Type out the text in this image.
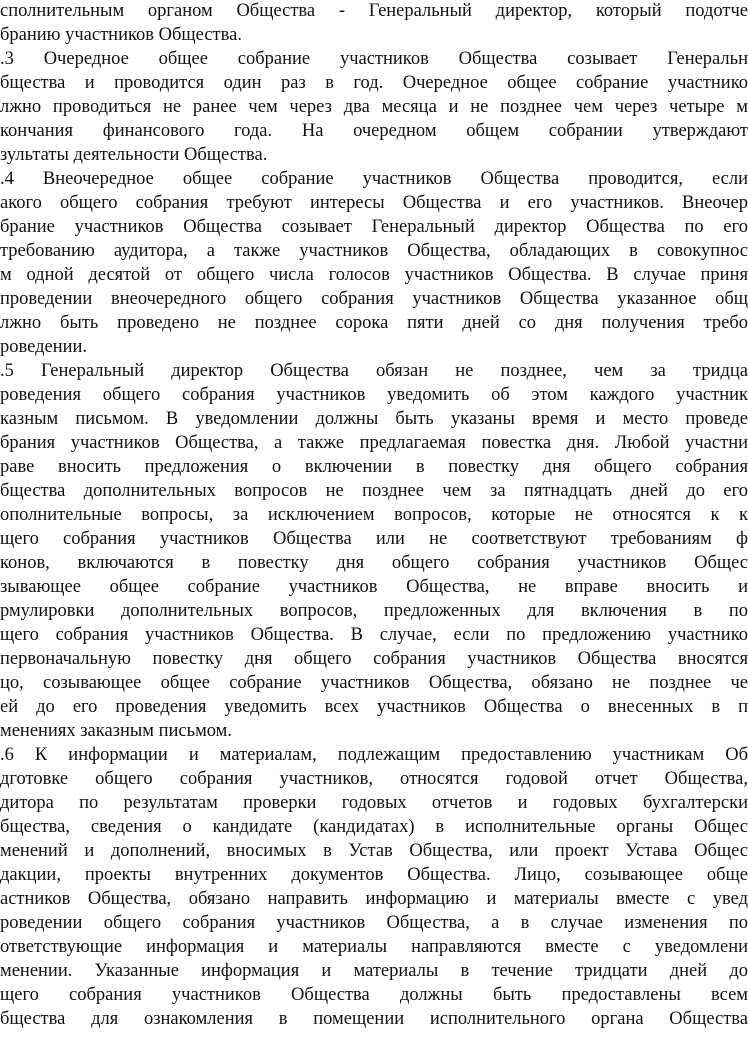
сполнительным органом Общества - Генеральный директор, который подотче
бранию участников Общества.
.3 Очередное общее собрание участников Общества созывает Генеральн
бщества и проводится один раз в год. Очередное общее собрание участнико
лжно проводиться не ранее чем через два месяца и не позднее чем через четыре м
кончания финансового года. На очередном общем собрании утверждают
зультаты деятельности Общества.
.4 Внеочередное общее собрание участников Общества проводится, если
акого общего собрания требуют интересы Общества и его участников. Внеочер
брание участников Общества созывает Генеральный директор Общества по его
требованию аудитора, а также участников Общества, обладающих в совокупнос
м одной десятой от общего числа голосов участников Общества. В случае приня
проведении внеочередного общего собрания участников Общества указанное общ
лжно быть проведено не позднее сорока пяти дней со дня получения требо
роведении.
.5 Генеральный директор Общества обязан не позднее, чем за тридца
роведения общего собрания участников уведомить об этом каждого участник
казным письмом. В уведомлении должны быть указаны время и место проведе
брания участников Общества, а также предлагаемая повестка дня. Любой участни
раве вносить предложения о включении в повестку дня общего собрания
бщества дополнительных вопросов не позднее чем за пятнадцать дней до его
ополнительные вопросы, за исключением вопросов, которые не относятся к к
щего собрания участников Общества или не соответствуют требованиям ф
конов, включаются в повестку дня общего собрания участников Общес
зывающее общее собрание участников Общества, не вправе вносить и
рмулировки дополнительных вопросов, предложенных для включения в по
щего собрания участников Общества. В случае, если по предложению участнико
первоначальную повестку дня общего собрания участников Общества вносятся
цо, созывающее общее собрание участников Общества, обязано не позднее че
ей до его проведения уведомить всех участников Общества о внесенных в п
менениях заказным письмом.
.6 К информации и материалам, подлежащим предоставлению участникам Об
дготовке общего собрания участников, относятся годовой отчет Общества,
дитора по результатам проверки годовых отчетов и годовых бухгалтерски
бщества, сведения о кандидате (кандидатах) в исполнительные органы Общес
менений и дополнений, вносимых в Устав Общества, или проект Устава Общес
дакции, проекты внутренних документов Общества. Лицо, созывающее обще
астников Общества, обязано направить информацию и материалы вместе с увед
роведении общего собрания участников Общества, а в случае изменения по
ответствующие информация и материалы направляются вместе с уведомлени
менении. Указанные информация и материалы в течение тридцати дней до
щего собрания участников Общества должны быть предоставлены всем
бщества для ознакомления в помещении исполнительного органа Общества
